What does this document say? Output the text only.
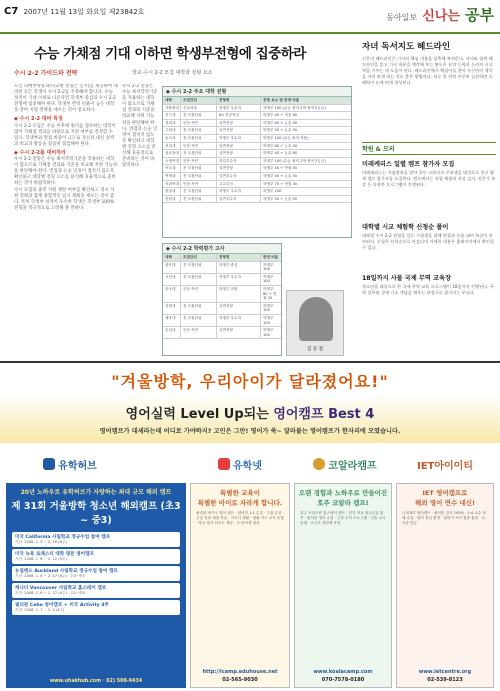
C7 2007년 11월 13일 화요일 제23842호
동아일보 신나는 공부
수능 가채점 기대 이하면 학생부전형에 집중하라
수시 2-2 가이드와 전략	학교·수시 2-2 모집 대학과 전형 요소
요일 의예부박물과(학교별 전형은 일시)를 제공하여 대비한 모든 학생이 수시 2-2를 주목해야 합니다. 수능 성적이 기대 이하로 나온다면 학생부 중심의 수시 2-2 전형에 집중해야 한다. 학생부 반영 비율이 높은 대학을 찾아 지원 전략을 세우는 것이 중요하다.
◆ 수시 2-2 대비 특징
수시 2-2 모집은 수능 이후에 원서를 접수하는 대학이 많아 가채점 결과를 바탕으로 지원 여부를 결정할 수 있다. 학생부와 면접 비중이 크므로 자신의 내신 성적과 비교과 활동을 꼼꼼히 점검해야 한다.
◆ 수시 2-2를 대비하라
수시 2-2 전형은 수능 최저학력기준을 적용하는 대학이 많으므로 가채점 결과와 기준을 비교해 지원 가능성을 판단해야 한다. 면접과 논술 일정이 겹치지 않도록 확인하고 대학별 전형 요소를 분석해 효율적으로 준비하는 것이 바람직하다.
수시 모집의 중복 지원 제한 여부를 확인하고 정시 지원 전략과 함께 종합적인 입시 계획을 세우는 것이 좋다. 특히 학생부 성적이 우수한 학생은 학생부 100% 전형을 적극적으로 고려해 볼 만하다.
수시 2-2 전형은 수능 최저학력기준을 적용하는 대학이 많으므로 가채점 결과와 기준을 비교해 지원 가능성을 판단해야 한다. 면접과 논술 일정이 겹치지 않도록 확인하고 대학별 전형 요소를 분석해 효율적으로 준비하는 것이 바람직하다.
◆ 수시 2-2 주요 대학 전형
대학	모집단위	전형명	전형 요소 및 반영 비율
가톨릭대	간호학과	학생부 우수자	학생부 100 (수능 최저 2개 영역 2등급)
건국대	전 모집단위	KU 전공적성	학생부 40 + 적성 60
경희대	인문·자연	일반전형	학생부 60 + 논술 40
고려대	전 모집단위	일반전형	학생부 50 + 논술 50
동국대	전 모집단위	학생부 우수자	학생부 100 (수능 최저 적용)
서강대	인문·자연	일반전형	학생부 60 + 논술 40
성균관대	전 모집단위	일반전형	학생부 40 + 논술 60
숙명여대	인문·자연	학업우수자	학생부 100 (수능 최저 2개 영역 2등급)
아주대	전 모집단위	일반전형	학생부 50 + 면접 50
연세대	전 모집단위	일반우수자	학생부 50 + 논술 50
이화여대	인문·자연	고교추천	학생부 70 + 면접 30
중앙대	전 모집단위	학생부 우수자	학생부 100
한양대	전 모집단위	일반우수자	학생부 50 + 논술 50
◆ 수시 2-2 학력평가 고사
대학	모집단위	전형명	반영 비율
광운대	전 모집단위	학생부 중심	학생부 100
국민대	전 모집단위	학생부 우수자	학생부 100
단국대	인문·자연	학생부 전형	학생부 80 + 면접 20
상명대	전 모집단위	일반전형	학생부 100
세종대	전 모집단위	학생부 우수자	학생부 100
숭실대	인문·자연	일반전형	학생부 100
김 동 철
자녀 독서지도 헤드라인
신문의 헤드라인은 기사의 핵심 내용을 압축해 보여준다. 자녀와 함께 헤드라인을 읽고 기사 내용을 예측해 보는 활동은 요약 능력과 논리적 사고력을 키우는 데 도움이 된다. 헤드라인에서 핵심어를 찾아 자신만의 제목을 지어 보게 하는 것도 좋은 방법이다. 하루 한 편씩 꾸준히 실천하면 독해력이 눈에 띄게 향상된다.
학원 & 모의
미래케리스 일렬 캠프 참가자 모집
미래케리스는 겨울방학을 맞아 초등 고학년과 중학생을 대상으로 진로 탐색 캠프 참가자를 모집한다. 캠프에서는 직업 체험과 적성 검사, 전문가 특강 등 다양한 프로그램이 진행된다.
대학별 시교 체험학 신청순 폴이
대학별 수시 2-2 전형을 앞둔 수험생을 위해 면접과 논술 대비 특강이 마련된다. 신청은 선착순으로 마감되며 자세한 내용은 홈페이지에서 확인할 수 있다.
18일까지 사물 국제 무역 교육장
청소년을 대상으로 한 국제 무역 교육 프로그램이 18일까지 진행된다. 무역 실무와 경제 기초 개념을 배우는 과정으로 참가비는 무료다.
"겨울방학, 우리아이가 달라졌어요!"
영어실력 Level Up되는 영어캠프 Best 4
영어캠프가 대세라는데 어디로 가야하지? 고민은 그만! 영어가 쑥~ 달라붙는 영어캠프가 한자리에 모였습니다.
유학허브	유학넷	코알라캠프	IET아이이티
20년 노하우로 유학허브가 자랑하는 최대 규모 해외 캠프
제 31회 거울방학 청소년 해외캠프 (초3 ~ 중3)
미국 California 사립학교 정규수업 참여 캠프
기간: 2008. 1. 5 ~ 2. 16 (6주)
미국 뉴욕 로체스터 대학 명문 영어캠프
기간: 2008. 1. 6 ~ 2. 12 (5주)
뉴질랜드 Auckland 사립학교 정규수업 참여 캠프
기간: 2008. 1. 6 ~ 2. 17 (6주) · 초3~중3
캐나다 Vancouver 사립학교 홈스테이 캠프
기간: 2008. 1. 6 ~ 2. 17 (6주) · 초2~중3
필리핀 Cebu 영어캠프 + 미국 Activity 4주
기간: 2008. 1. 7 ~ 2. 3 (4주)
www.uhakhub.com · 02) 508-9434
특별한 교육이
특별한 아이로 자라게 합니다.
필리핀 바기오 영어 캠프 · 원어민 1:1 수업 · 그룹 수업 · 주말 현장 체험 학습 · 기숙사 생활 · 생활 지도 교사 동행 · 학습 평가 리포트 제공 · 초·중학생 대상
http://icamp.eduhouse.net
02-565-9030
오랜 경험과 노하우로 만들어진
호주 코알라 캠프!
호주 브리즈번 홈스테이 캠프 · 현지 학교 정규수업 참여 · 원어민 영어 수업 · 주말 투어 프로그램 · 인솔 교사 동행 · 소규모 정원제 운영
www.koalacamp.com
070-7578-0180
IET 영어캠프로
해외 영어 연수 대신!
국내 IET 영어캠프 · 원어민 강사 100% · 1:4 소수 정예 수업 · 영어 몰입 환경 · 말하기·쓰기 집중 훈련 · 수료증 발급
www.ietcentre.org
02-539-8123
